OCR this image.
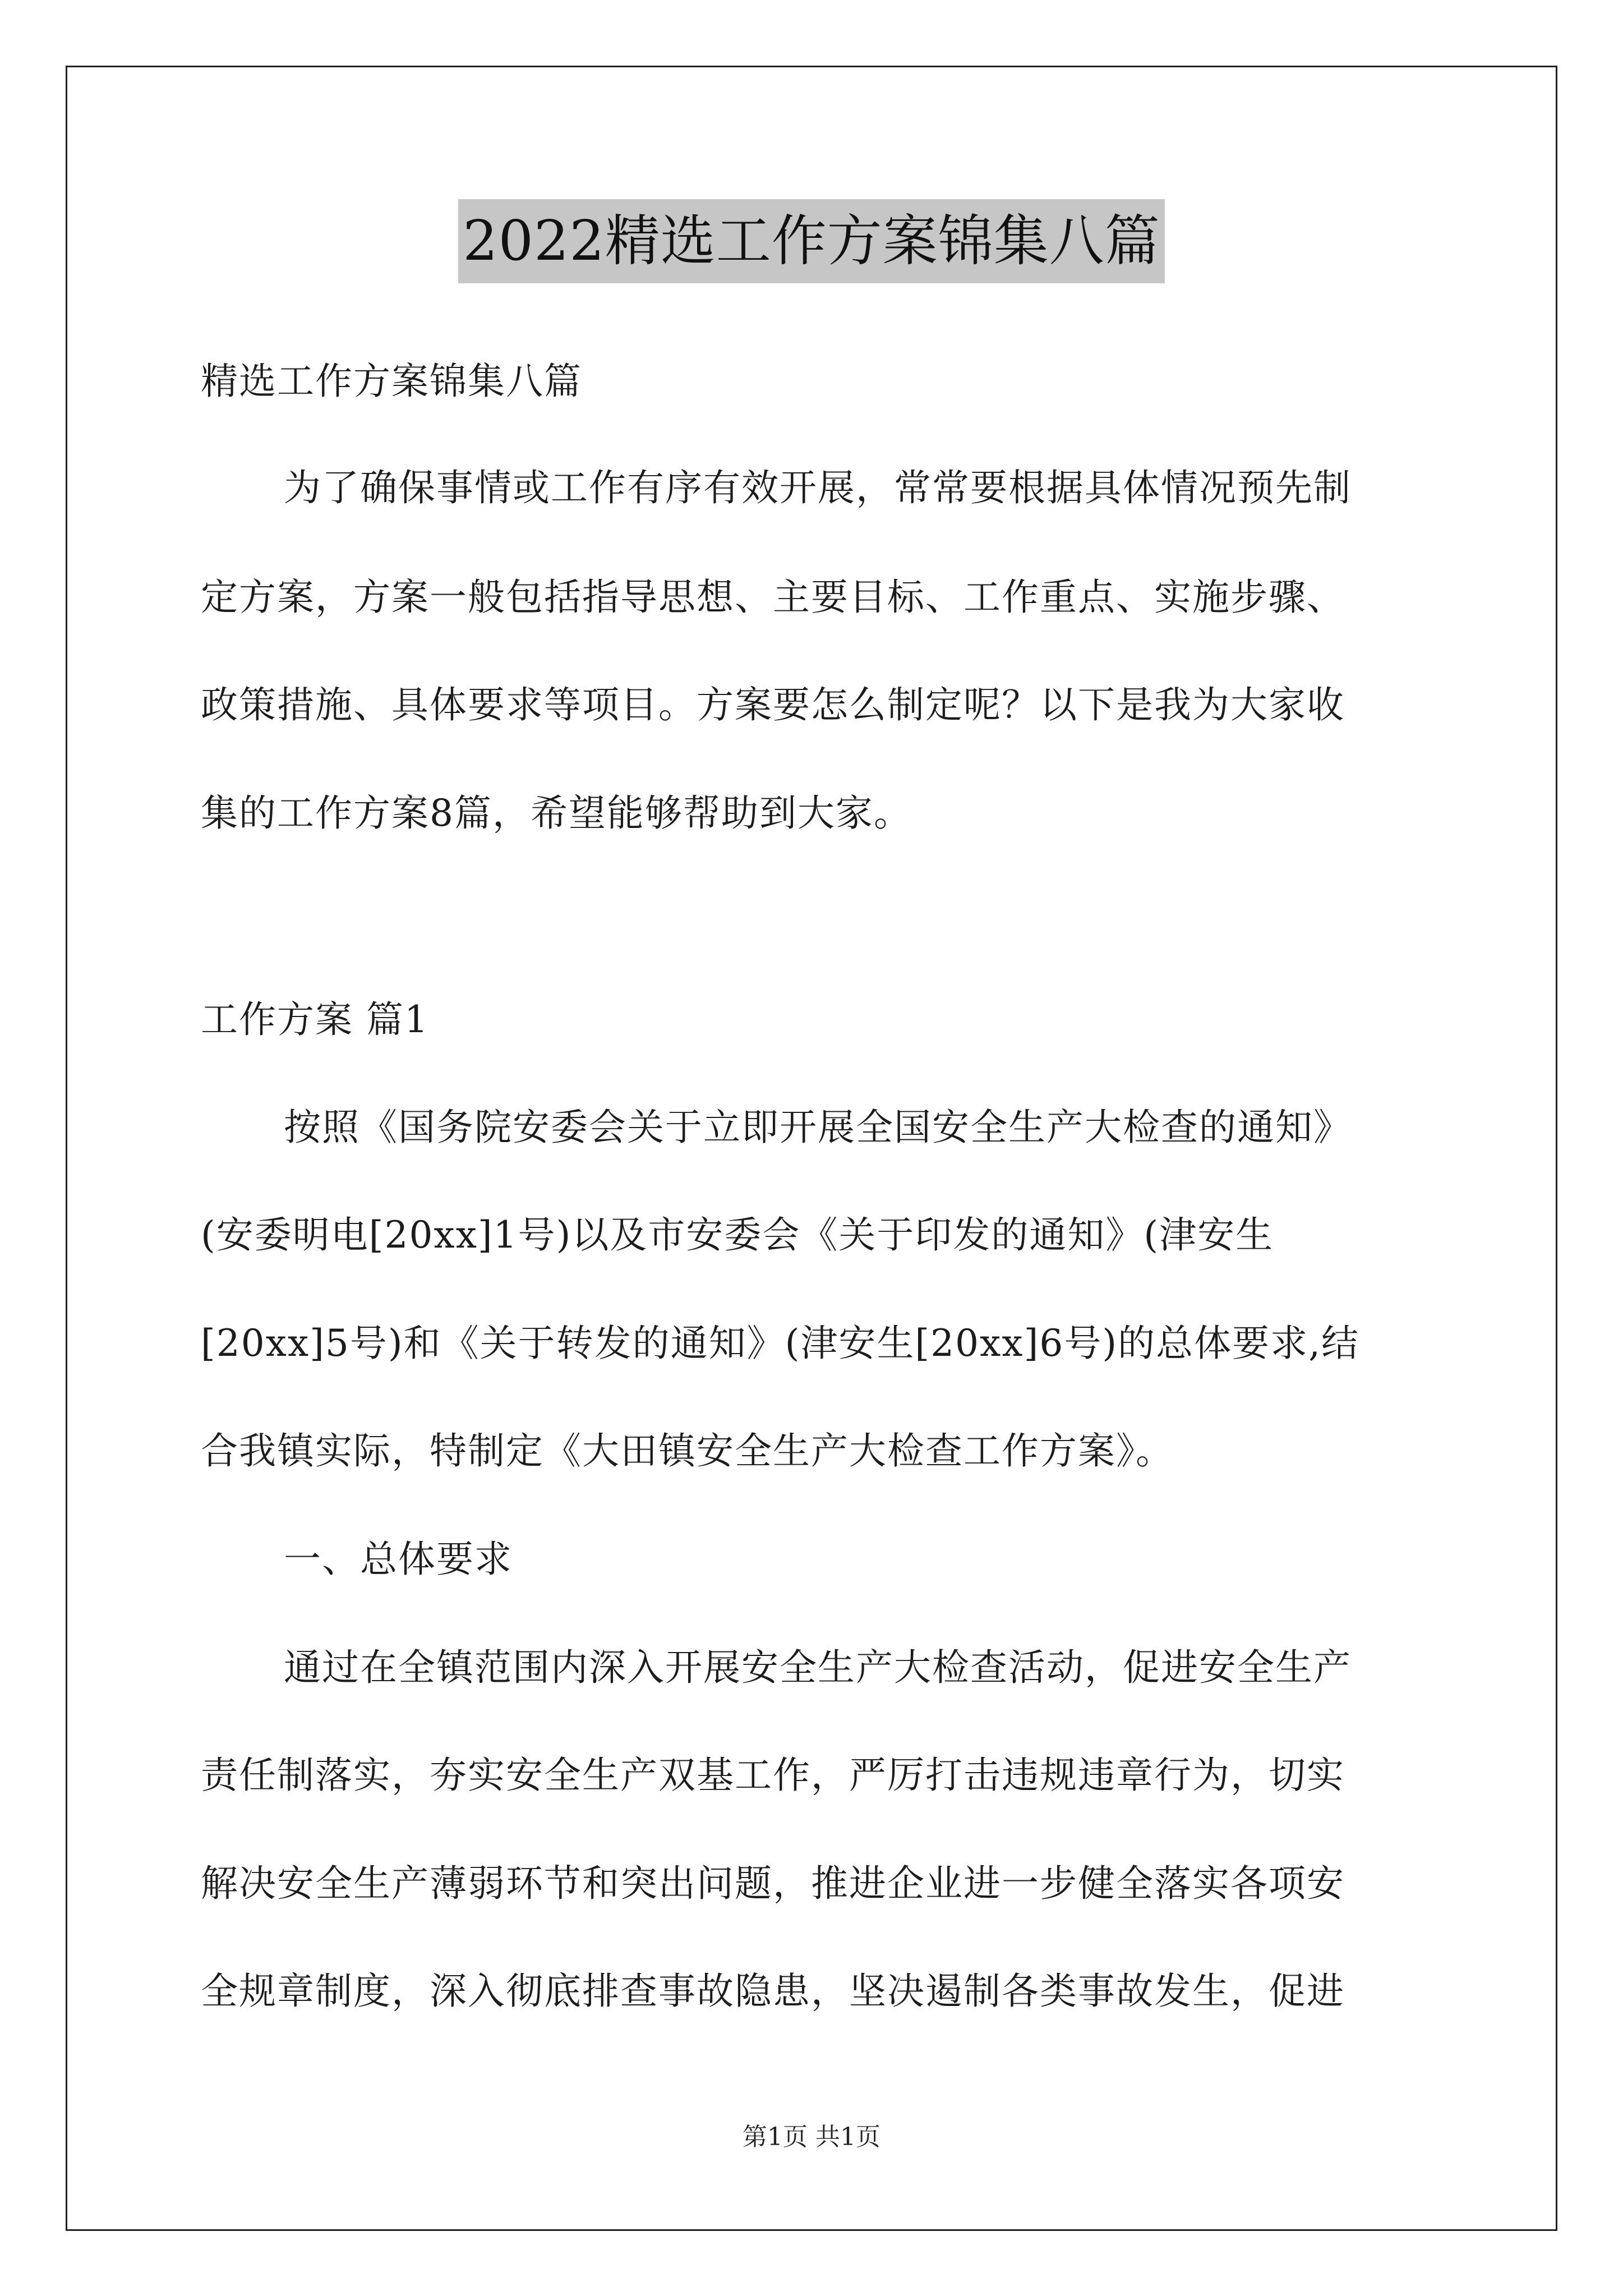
2022精选工作方案锦集八篇
精选工作方案锦集八篇
为了确保事情或工作有序有效开展，常常要根据具体情况预先制
定方案，方案一般包括指导思想、主要目标、工作重点、实施步骤、
政策措施、具体要求等项目。方案要怎么制定呢？以下是我为大家收
集的工作方案8篇，希望能够帮助到大家。
工作方案 篇1
按照《国务院安委会关于立即开展全国安全生产大检查的通知》
(安委明电[20xx]1号)以及市安委会《关于印发的通知》(津安生
[20xx]5号)和《关于转发的通知》(津安生[20xx]6号)的总体要求,结
合我镇实际，特制定《大田镇安全生产大检查工作方案》。
一、总体要求
通过在全镇范围内深入开展安全生产大检查活动，促进安全生产
责任制落实，夯实安全生产双基工作，严厉打击违规违章行为，切实
解决安全生产薄弱环节和突出问题，推进企业进一步健全落实各项安
全规章制度，深入彻底排查事故隐患，坚决遏制各类事故发生，促进
第1页 共1页
